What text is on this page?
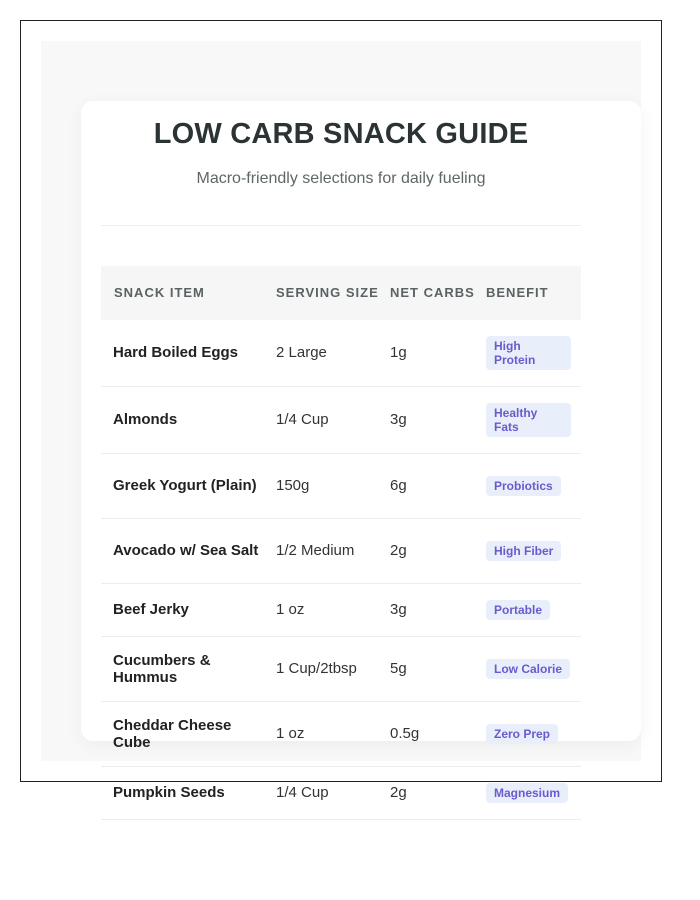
LOW CARB SNACK GUIDE

Macro-friendly selections for daily fueling

SNACK ITEM	SERVING SIZE	NET CARBS	BENEFIT
Hard Boiled Eggs	2 Large	1g	High Protein
Almonds	1/4 Cup	3g	Healthy Fats
Greek Yogurt (Plain)	150g	6g	Probiotics
Avocado w/ Sea Salt	1/2 Medium	2g	High Fiber
Beef Jerky	1 oz	3g	Portable
Cucumbers & Hummus	1 Cup/2tbsp	5g	Low Calorie
Cheddar Cheese Cube	1 oz	0.5g	Zero Prep
Pumpkin Seeds	1/4 Cup	2g	Magnesium
